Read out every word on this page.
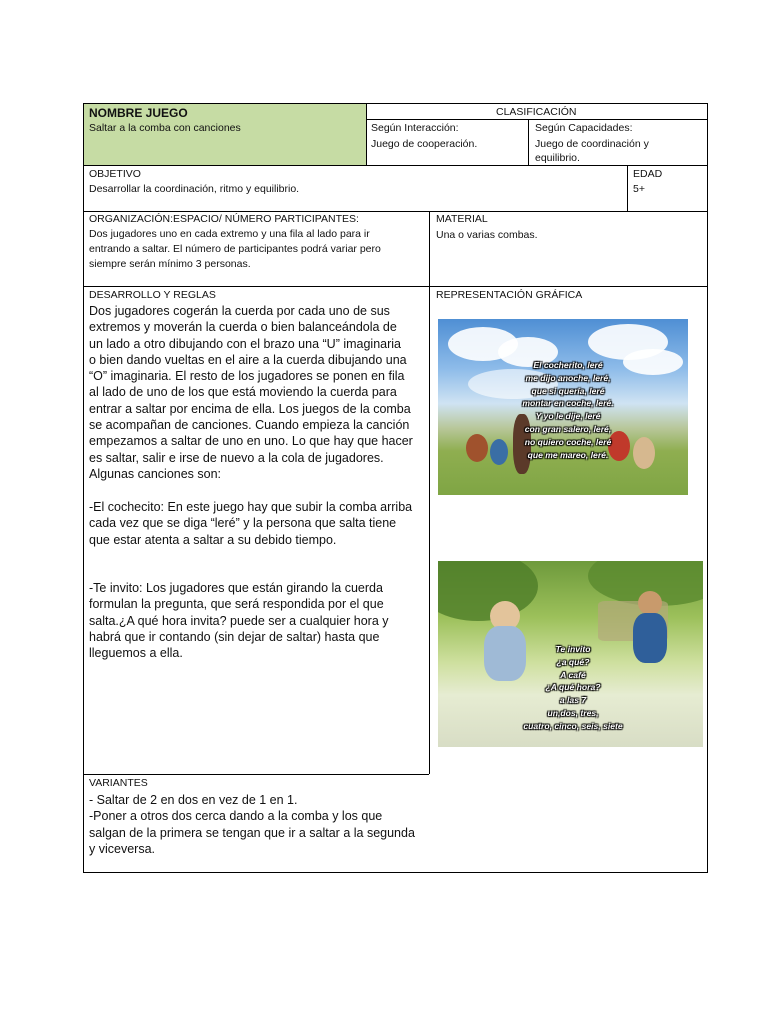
NOMBRE JUEGO
Saltar a la comba con canciones
CLASIFICACIÓN
Según Interacción:
Juego de cooperación.
Según Capacidades:
Juego de coordinación y
equilibrio.
OBJETIVO
Desarrollar la coordinación, ritmo y equilibrio.
EDAD
5+
ORGANIZACIÓN:ESPACIO/ NÚMERO PARTICIPANTES:
Dos jugadores uno en cada extremo y una fila al lado para ir
entrando a saltar. El número de participantes podrá variar pero
siempre serán mínimo 3 personas.
MATERIAL
Una o varias combas.
DESARROLLO Y REGLAS
Dos jugadores cogerán la cuerda por cada uno de sus
extremos y moverán la cuerda o bien balanceándola de
un lado a otro dibujando con el brazo una “U” imaginaria
o bien dando vueltas en el aire a la cuerda dibujando una
“O” imaginaria. El resto de los jugadores se ponen en fila
al lado de uno de los que está moviendo la cuerda para
entrar a saltar por encima de ella. Los juegos de la comba
se acompañan de canciones. Cuando empieza la canción
empezamos a saltar de uno en uno. Lo que hay que hacer
es saltar, salir e irse de nuevo a la cola de jugadores.
Algunas canciones son:
-El cochecito: En este juego hay que subir la comba arriba
cada vez que se diga “leré” y la persona que salta tiene
que estar atenta a saltar a su debido tiempo.
-Te invito: Los jugadores que están girando la cuerda
formulan la pregunta, que será respondida por el que
salta.¿A qué hora invita? puede ser a cualquier hora y
habrá que ir contando (sin dejar de saltar) hasta que
lleguemos a ella.
REPRESENTACIÓN GRÁFICA
El cocherito, leré
me dijo anoche, leré,
que si quería, leré
montar en coche, leré.
Y yo le dije, leré
con gran salero, leré,
no quiero coche, leré
que me mareo, leré.
Te invito
¿a qué?
A café
¿A qué hora?
a las 7
un,dos, tres,
cuatro, cinco, seis, siete
VARIANTES
- Saltar de 2 en dos en vez de 1 en 1.
-Poner a otros dos cerca dando a la comba y los que
salgan de la primera se tengan que ir a saltar a la segunda
y viceversa.
